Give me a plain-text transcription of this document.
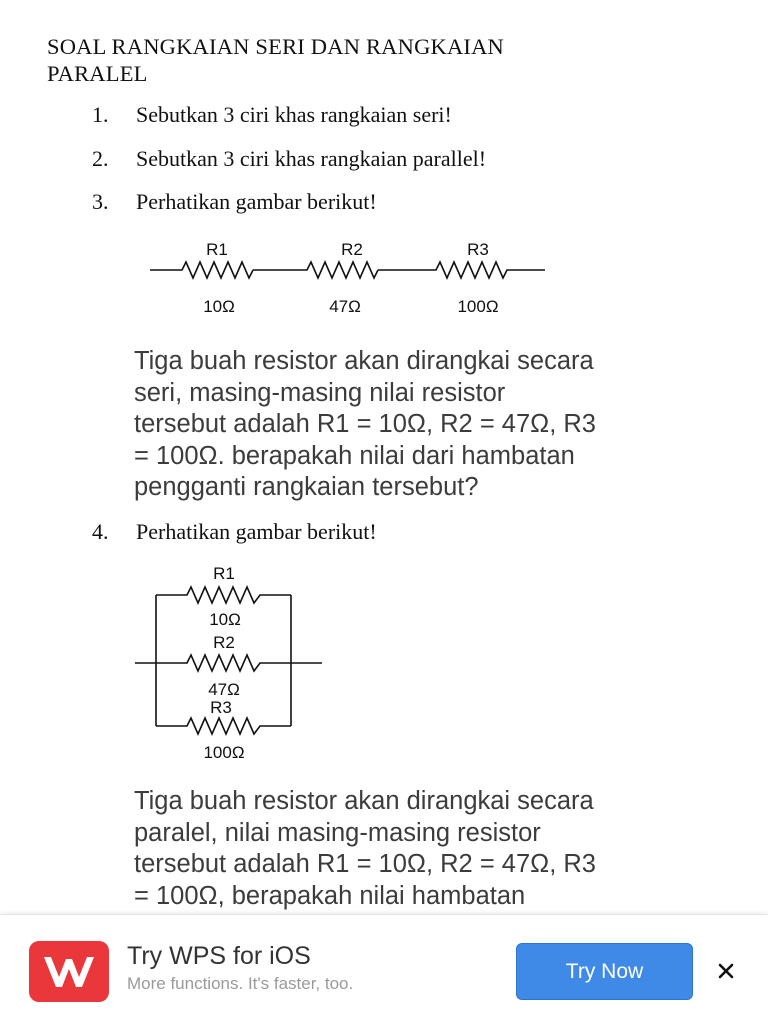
SOAL RANGKAIAN SERI DAN RANGKAIAN
PARALEL
1.	Sebutkan 3 ciri khas rangkaian seri!
2.	Sebutkan 3 ciri khas rangkaian parallel!
3.	Perhatikan gambar berikut!
R1	R2	R3
10Ω	47Ω	100Ω
Tiga buah resistor akan dirangkai secara
seri, masing-masing nilai resistor
tersebut adalah R1 = 10Ω, R2 = 47Ω, R3
= 100Ω. berapakah nilai dari hambatan
pengganti rangkaian tersebut?
4.	Perhatikan gambar berikut!
R1
10Ω
R2
47Ω
R3
100Ω
Tiga buah resistor akan dirangkai secara
paralel, nilai masing-masing resistor
tersebut adalah R1 = 10Ω, R2 = 47Ω, R3
= 100Ω, berapakah nilai hambatan
Try WPS for iOS
More functions. It's faster, too.
Try Now
